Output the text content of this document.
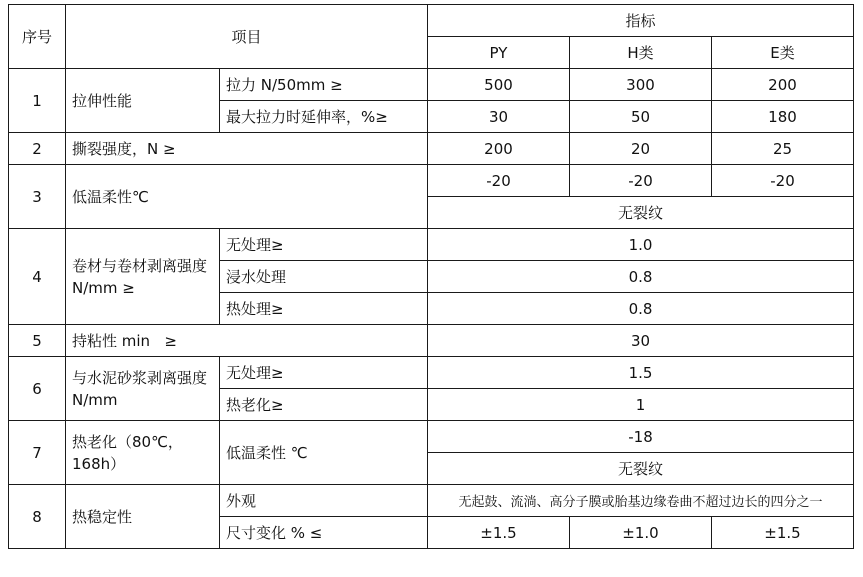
序号	项目		指标		
			PY	H类	E类
1	拉伸性能	拉力 N/50mm ≥	500	300	200
		最大拉力时延伸率，%≥	30	50	180
2	撕裂强度，N ≥		200	20	25
3	低温柔性℃		-20	-20	-20
			无裂纹		
4	卷材与卷材剥离强度 N/mm ≥	无处理≥	1.0		
		浸水处理	0.8		
		热处理≥	0.8		
5	持粘性 min   ≥		30		
6	与水泥砂浆剥离强度N/mm	无处理≥	1.5		
		热老化≥	1		
7	热老化（80℃，168h）	低温柔性 ℃	-18		
			无裂纹		
8	热稳定性	外观	无起鼓、流淌、高分子膜或胎基边缘卷曲不超过边长的四分之一		
		尺寸变化 % ≤	±1.5	±1.0	±1.5
